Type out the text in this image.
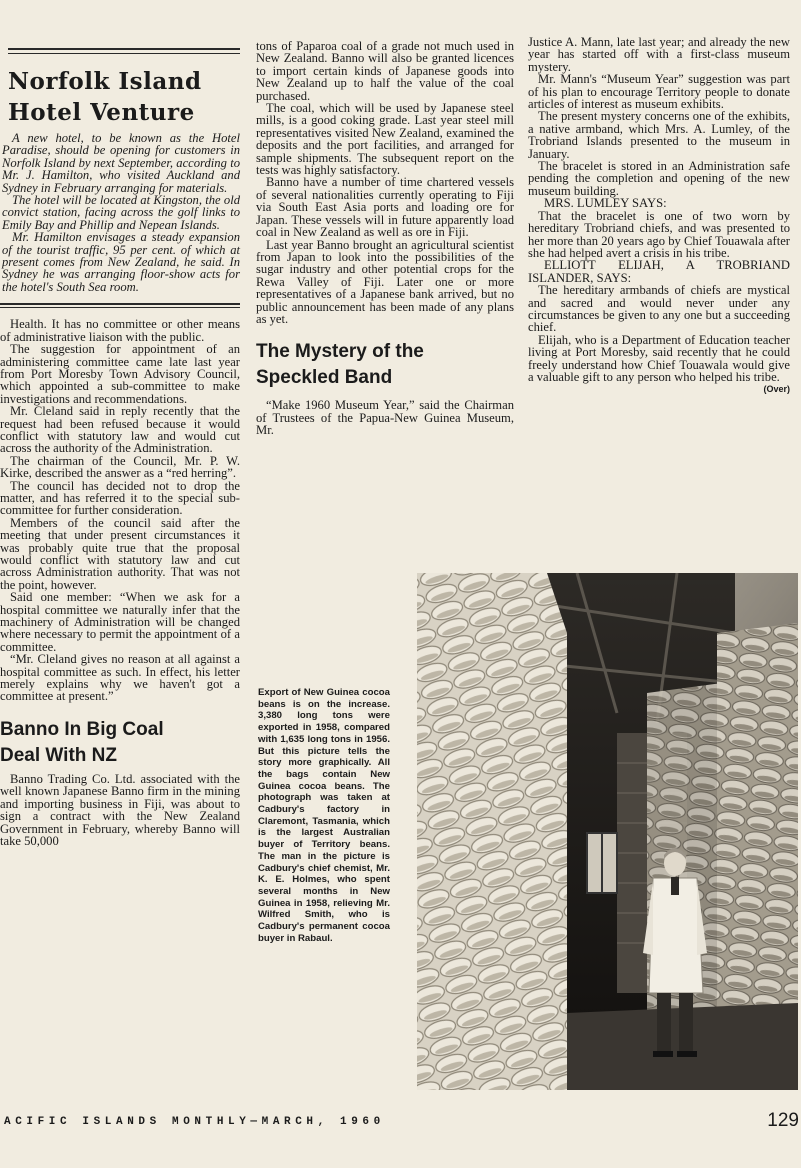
Norfolk Island
Hotel Venture

A new hotel, to be known as the Hotel Paradise, should be opening for customers in Norfolk Island by next September, according to Mr. J. Hamilton, who visited Auckland and Sydney in February arranging for materials.

The hotel will be located at Kingston, the old convict station, facing across the golf links to Emily Bay and Phillip and Nepean Islands.

Mr. Hamilton envisages a steady expansion of the tourist traffic, 95 per cent. of which at present comes from New Zealand, he said. In Sydney he was arranging floor-show acts for the hotel's South Sea room.

Health. It has no committee or other means of administrative liaison with the public.

The suggestion for appointment of an administering committee came late last year from Port Moresby Town Advisory Council, which appointed a sub-committee to make investigations and recommendations.

Mr. Cleland said in reply recently that the request had been refused because it would conflict with statutory law and would cut across the authority of the Administration.

The chairman of the Council, Mr. P. W. Kirke, described the answer as a “red herring”.

The council has decided not to drop the matter, and has referred it to the special sub-committee for further consideration.

Members of the council said after the meeting that under present circumstances it was probably quite true that the proposal would conflict with statutory law and cut across Administration authority. That was not the point, however.

Said one member: “When we ask for a hospital committee we naturally infer that the machinery of Administration will be changed where necessary to permit the appointment of a committee.

“Mr. Cleland gives no reason at all against a hospital committee as such. In effect, his letter merely explains why we haven't got a committee at present.”

Banno In Big Coal
Deal With NZ

Banno Trading Co. Ltd. associated with the well known Japanese Banno firm in the mining and importing business in Fiji, was about to sign a contract with the New Zealand Government in February, whereby Banno will take 50,000

tons of Paparoa coal of a grade not much used in New Zealand. Banno will also be granted licences to import certain kinds of Japanese goods into New Zealand up to half the value of the coal purchased.

The coal, which will be used by Japanese steel mills, is a good coking grade. Last year steel mill representatives visited New Zealand, examined the deposits and the port facilities, and arranged for sample shipments. The subsequent report on the tests was highly satisfactory.

Banno have a number of time chartered vessels of several nationalities currently operating to Fiji via South East Asia ports and loading ore for Japan. These vessels will in future apparently load coal in New Zealand as well as ore in Fiji.

Last year Banno brought an agricultural scientist from Japan to look into the possibilities of the sugar industry and other potential crops for the Rewa Valley of Fiji. Later one or more representatives of a Japanese bank arrived, but no public announcement has been made of any plans as yet.

The Mystery of the
Speckled Band

“Make 1960 Museum Year,” said the Chairman of Trustees of the Papua-New Guinea Museum, Mr.

Justice A. Mann, late last year; and already the new year has started off with a first-class museum mystery.

Mr. Mann's “Museum Year” suggestion was part of his plan to encourage Territory people to donate articles of interest as museum exhibits.

The present mystery concerns one of the exhibits, a native armband, which Mrs. A. Lumley, of the Trobriand Islands presented to the museum in January.

The bracelet is stored in an Administration safe pending the completion and opening of the new museum building.

MRS. LUMLEY SAYS:

That the bracelet is one of two worn by hereditary Trobriand chiefs, and was presented to her more than 20 years ago by Chief Touawala after she had helped avert a crisis in his tribe.

ELLIOTT ELIJAH, A TROBRIAND ISLANDER, SAYS:

The hereditary armbands of chiefs are mystical and sacred and would never under any circumstances be given to any one but a succeeding chief.

Elijah, who is a Department of Education teacher living at Port Moresby, said recently that he could freely understand how Chief Touawala would give a valuable gift to any person who helped his tribe.
(Over)

Export of New Guinea cocoa beans is on the increase. 3,380 long tons were exported in 1958, compared with 1,635 long tons in 1956. But this picture tells the story more graphically. All the bags contain New Guinea cocoa beans. The photograph was taken at Cadbury's factory in Claremont, Tasmania, which is the largest Australian buyer of Territory beans. The man in the picture is Cadbury's chief chemist, Mr. K. E. Holmes, who spent several months in New Guinea in 1958, relieving Mr. Wilfred Smith, who is Cadbury's permanent cocoa buyer in Rabaul.
ACIFIC ISLANDS MONTHLY—MARCH, 1960	129
